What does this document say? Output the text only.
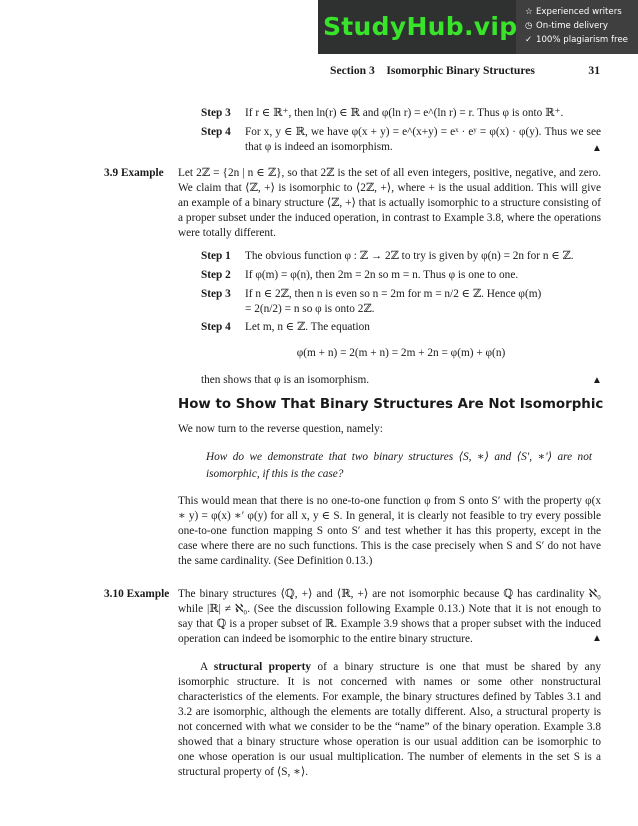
StudyHub.vip ☆ Experienced writers
◷ On-time delivery
✓ 100% plagiarism free
Section 3 Isomorphic Binary Structures	31
Step 3 If r ∈ ℝ⁺, then ln(r) ∈ ℝ and φ(ln r) = e^(ln r) = r. Thus φ is onto ℝ⁺.
Step 4 For x, y ∈ ℝ, we have φ(x + y) = e^(x+y) = eˣ · eʸ = φ(x) · φ(y). Thus we see that φ is indeed an isomorphism.	▲
3.9 Example Let 2ℤ = {2n | n ∈ ℤ}, so that 2ℤ is the set of all even integers, positive, negative, and zero. We claim that ⟨ℤ, +⟩ is isomorphic to ⟨2ℤ, +⟩, where + is the usual addition. This will give an example of a binary structure ⟨ℤ, +⟩ that is actually isomorphic to a structure consisting of a proper subset under the induced operation, in contrast to Example 3.8, where the operations were totally different.
Step 1 The obvious function φ : ℤ → 2ℤ to try is given by φ(n) = 2n for n ∈ ℤ.
Step 2 If φ(m) = φ(n), then 2m = 2n so m = n. Thus φ is one to one.
Step 3 If n ∈ 2ℤ, then n is even so n = 2m for m = n/2 ∈ ℤ. Hence φ(m) = 2(n/2) = n so φ is onto 2ℤ.
Step 4 Let m, n ∈ ℤ. The equation
φ(m + n) = 2(m + n) = 2m + 2n = φ(m) + φ(n)
then shows that φ is an isomorphism.	▲
How to Show That Binary Structures Are Not Isomorphic
We now turn to the reverse question, namely:
How do we demonstrate that two binary structures ⟨S, ∗⟩ and ⟨S′, ∗′⟩ are not isomorphic, if this is the case?
This would mean that there is no one-to-one function φ from S onto S′ with the property φ(x ∗ y) = φ(x) ∗′ φ(y) for all x, y ∈ S. In general, it is clearly not feasible to try every possible one-to-one function mapping S onto S′ and test whether it has this property, except in the case where there are no such functions. This is the case precisely when S and S′ do not have the same cardinality. (See Definition 0.13.)
3.10 Example The binary structures ⟨ℚ, +⟩ and ⟨ℝ, +⟩ are not isomorphic because ℚ has cardinality ℵ₀ while |ℝ| ≠ ℵ₀. (See the discussion following Example 0.13.) Note that it is not enough to say that ℚ is a proper subset of ℝ. Example 3.9 shows that a proper subset with the induced operation can indeed be isomorphic to the entire binary structure.	▲
A structural property of a binary structure is one that must be shared by any isomorphic structure. It is not concerned with names or some other nonstructural characteristics of the elements. For example, the binary structures defined by Tables 3.1 and 3.2 are isomorphic, although the elements are totally different. Also, a structural property is not concerned with what we consider to be the “name” of the binary operation. Example 3.8 showed that a binary structure whose operation is our usual addition can be isomorphic to one whose operation is our usual multiplication. The number of elements in the set S is a structural property of ⟨S, ∗⟩.
